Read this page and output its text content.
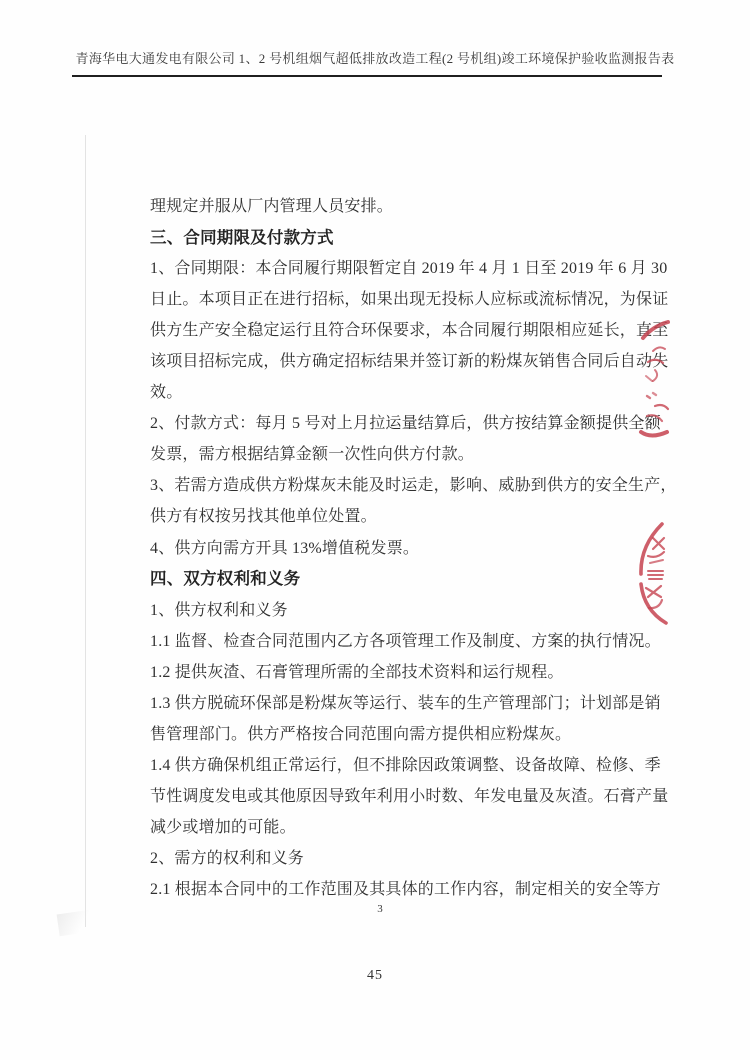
青海华电大通发电有限公司 1、2 号机组烟气超低排放改造工程(2 号机组)竣工环境保护验收监测报告表
理规定并服从厂内管理人员安排。
三、合同期限及付款方式
1、合同期限：本合同履行期限暂定自 2019 年 4 月 1 日至 2019 年 6 月 30
日止。本项目正在进行招标，如果出现无投标人应标或流标情况，为保证
供方生产安全稳定运行且符合环保要求，本合同履行期限相应延长，直至
该项目招标完成，供方确定招标结果并签订新的粉煤灰销售合同后自动失
效。
2、付款方式：每月 5 号对上月拉运量结算后，供方按结算金额提供全额
发票，需方根据结算金额一次性向供方付款。
3、若需方造成供方粉煤灰未能及时运走，影响、威胁到供方的安全生产，
供方有权按另找其他单位处置。
4、供方向需方开具 13%增值税发票。
四、双方权利和义务
1、供方权利和义务
1.1 监督、检查合同范围内乙方各项管理工作及制度、方案的执行情况。
1.2 提供灰渣、石膏管理所需的全部技术资料和运行规程。
1.3 供方脱硫环保部是粉煤灰等运行、装车的生产管理部门；计划部是销
售管理部门。供方严格按合同范围向需方提供相应粉煤灰。
1.4 供方确保机组正常运行，但不排除因政策调整、设备故障、检修、季
节性调度发电或其他原因导致年利用小时数、年发电量及灰渣。石膏产量
减少或增加的可能。
2、需方的权利和义务
2.1 根据本合同中的工作范围及其具体的工作内容，制定相关的安全等方
3
45
